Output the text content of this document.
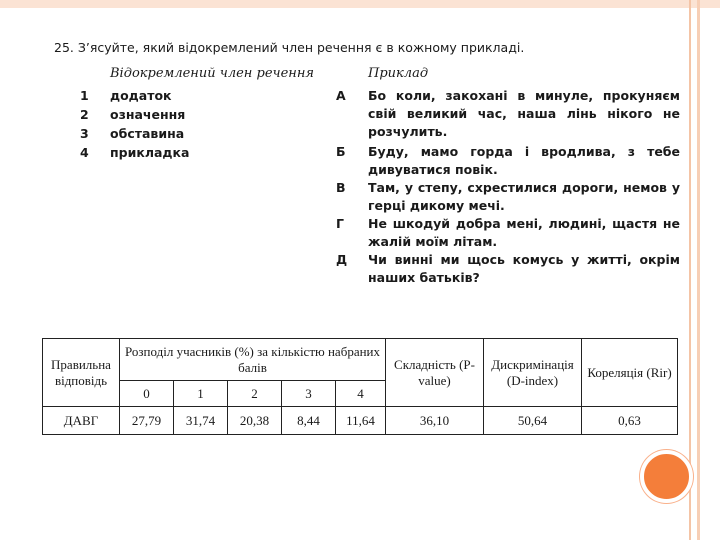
25. З’ясуйте, який відокремлений член речення є в кожному прикладі.
Відокремлений член речення	Приклад
1 додаток
2 означення
3 обставина
4 прикладка
А Бо коли, закохані в минуле, прокуняєм свій великий час, наша лінь нікого не розчулить.
Б Буду, мамо горда і вродлива, з тебе дивуватися повік.
В Там, у степу, схрестилися дороги, немов у герці дикому мечі.
Г Не шкодуй добра мені, людині, щастя не жалій моїм літам.
Д Чи винні ми щось комусь у житті, окрім наших батьків?
Правильна відповідь	Розподіл учасників (%) за кількістю набраних балів					Складність (P-value)	Дискримінація (D-index)	Кореляція (Rir)
	0	1	2	3	4			
ДАВГ	27,79	31,74	20,38	8,44	11,64	36,10	50,64	0,63
